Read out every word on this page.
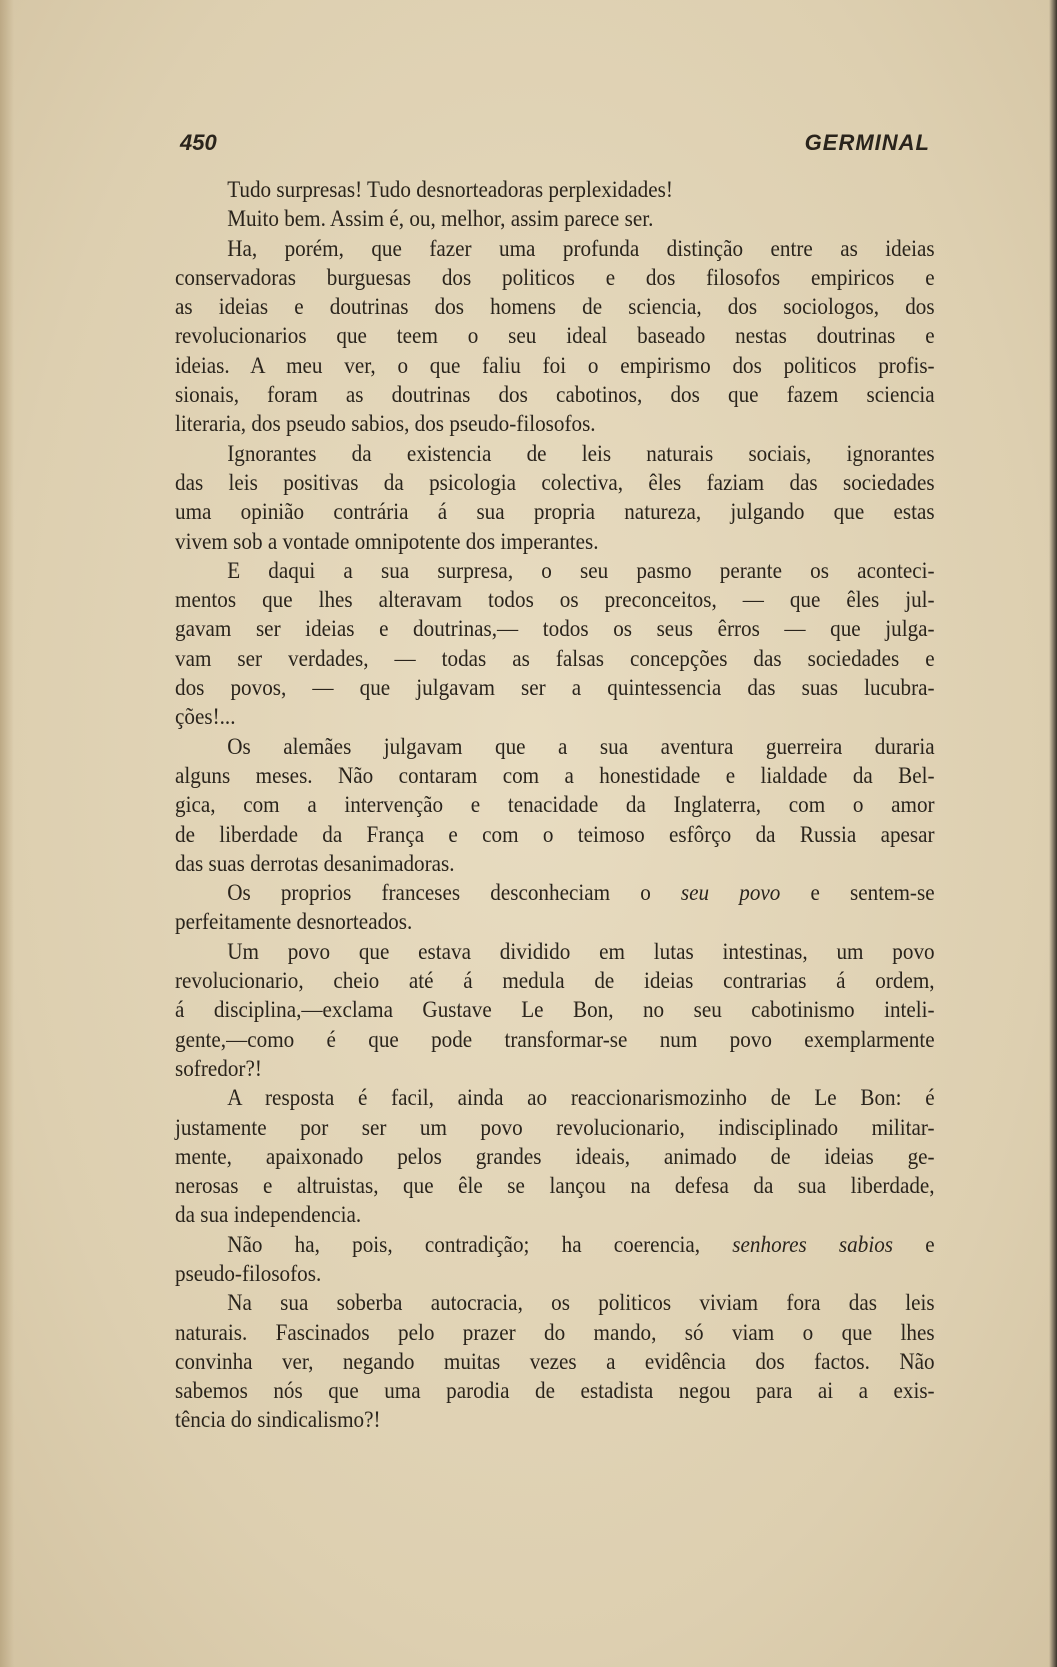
450	GERMINAL
Tudo surpresas! Tudo desnorteadoras perplexidades!
Muito bem. Assim é, ou, melhor, assim parece ser.
Ha, porém, que fazer uma profunda distinção entre as ideias
conservadoras burguesas dos politicos e dos filosofos empiricos e
as ideias e doutrinas dos homens de sciencia, dos sociologos, dos
revolucionarios que teem o seu ideal baseado nestas doutrinas e
ideias. A meu ver, o que faliu foi o empirismo dos politicos profis-
sionais, foram as doutrinas dos cabotinos, dos que fazem sciencia
literaria, dos pseudo sabios, dos pseudo-filosofos.
Ignorantes da existencia de leis naturais sociais, ignorantes
das leis positivas da psicologia colectiva, êles faziam das sociedades
uma opinião contrária á sua propria natureza, julgando que estas
vivem sob a vontade omnipotente dos imperantes.
E daqui a sua surpresa, o seu pasmo perante os aconteci-
mentos que lhes alteravam todos os preconceitos, — que êles jul-
gavam ser ideias e doutrinas,— todos os seus êrros — que julga-
vam ser verdades, — todas as falsas concepções das sociedades e
dos povos, — que julgavam ser a quintessencia das suas lucubra-
ções!...
Os alemães julgavam que a sua aventura guerreira duraria
alguns meses. Não contaram com a honestidade e lialdade da Bel-
gica, com a intervenção e tenacidade da Inglaterra, com o amor
de liberdade da França e com o teimoso esfôrço da Russia apesar
das suas derrotas desanimadoras.
Os proprios franceses desconheciam o seu povo e sentem-se
perfeitamente desnorteados.
Um povo que estava dividido em lutas intestinas, um povo
revolucionario, cheio até á medula de ideias contrarias á ordem,
á disciplina,—exclama Gustave Le Bon, no seu cabotinismo inteli-
gente,—como é que pode transformar-se num povo exemplarmente
sofredor?!
A resposta é facil, ainda ao reaccionarismozinho de Le Bon: é
justamente por ser um povo revolucionario, indisciplinado militar-
mente, apaixonado pelos grandes ideais, animado de ideias ge-
nerosas e altruistas, que êle se lançou na defesa da sua liberdade,
da sua independencia.
Não ha, pois, contradição; ha coerencia, senhores sabios e
pseudo-filosofos.
Na sua soberba autocracia, os politicos viviam fora das leis
naturais. Fascinados pelo prazer do mando, só viam o que lhes
convinha ver, negando muitas vezes a evidência dos factos. Não
sabemos nós que uma parodia de estadista negou para ai a exis-
tência do sindicalismo?!
